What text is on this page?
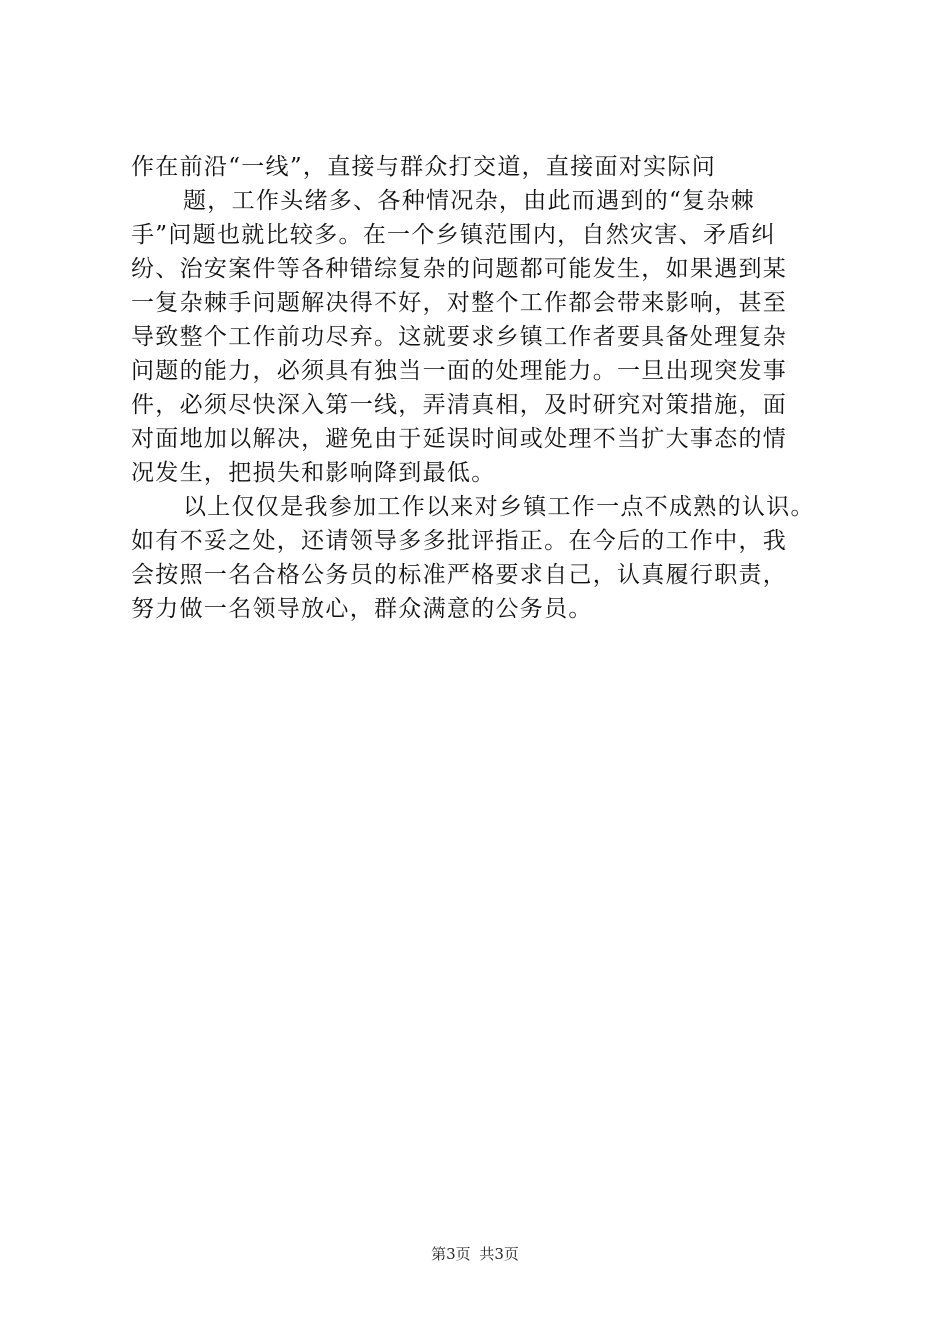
作在前沿“一线”，直接与群众打交道，直接面对实际问
题，工作头绪多、各种情况杂，由此而遇到的“复杂棘
手”问题也就比较多。在一个乡镇范围内，自然灾害、矛盾纠
纷、治安案件等各种错综复杂的问题都可能发生，如果遇到某
一复杂棘手问题解决得不好，对整个工作都会带来影响，甚至
导致整个工作前功尽弃。这就要求乡镇工作者要具备处理复杂
问题的能力，必须具有独当一面的处理能力。一旦出现突发事
件，必须尽快深入第一线，弄清真相，及时研究对策措施，面
对面地加以解决，避免由于延误时间或处理不当扩大事态的情
况发生，把损失和影响降到最低。
以上仅仅是我参加工作以来对乡镇工作一点不成熟的认识。
如有不妥之处，还请领导多多批评指正。在今后的工作中，我
会按照一名合格公务员的标准严格要求自己，认真履行职责，
努力做一名领导放心，群众满意的公务员。
第3页 共3页
